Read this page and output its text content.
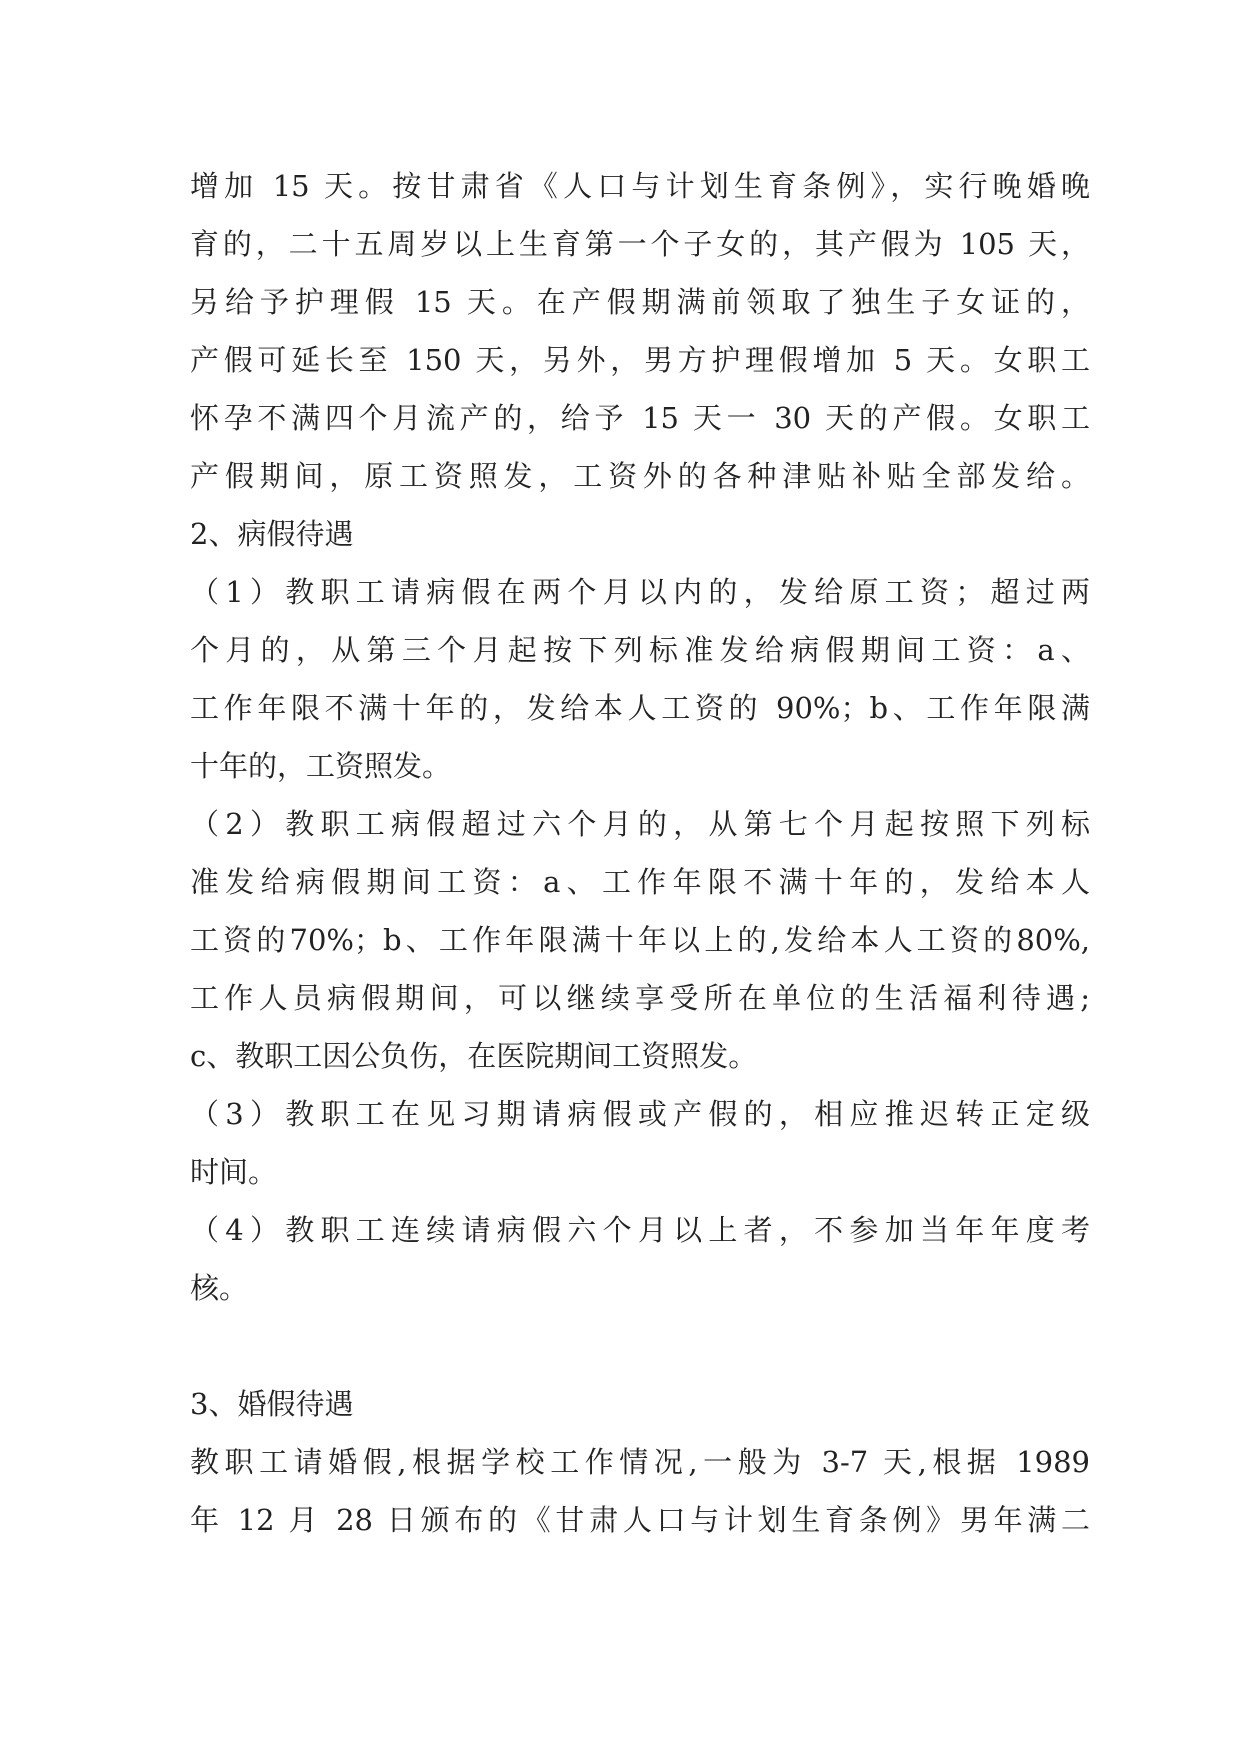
增加 15 天。按甘肃省《人口与计划生育条例》，实行晚婚晚
育的，二十五周岁以上生育第一个子女的，其产假为 105 天，
另给予护理假 15 天。在产假期满前领取了独生子女证的，
产假可延长至 150 天，另外，男方护理假增加 5 天。女职工
怀孕不满四个月流产的，给予 15 天一 30 天的产假。女职工
产假期间，原工资照发，工资外的各种津贴补贴全部发给。
2、病假待遇
（1）教职工请病假在两个月以内的，发给原工资；超过两
个月的，从第三个月起按下列标准发给病假期间工资：a、
工作年限不满十年的，发给本人工资的 90%；b、工作年限满
十年的，工资照发。
（2）教职工病假超过六个月的，从第七个月起按照下列标
准发给病假期间工资：a、工作年限不满十年的，发给本人
工资的70%；b、工作年限满十年以上的,发给本人工资的80%,
工作人员病假期间，可以继续享受所在单位的生活福利待遇;
c、教职工因公负伤，在医院期间工资照发。
（3）教职工在见习期请病假或产假的，相应推迟转正定级
时间。
（4）教职工连续请病假六个月以上者，不参加当年年度考
核。
3、婚假待遇
教职工请婚假,根据学校工作情况,一般为 3-7 天,根据 1989
年 12 月 28 日颁布的《甘肃人口与计划生育条例》男年满二
